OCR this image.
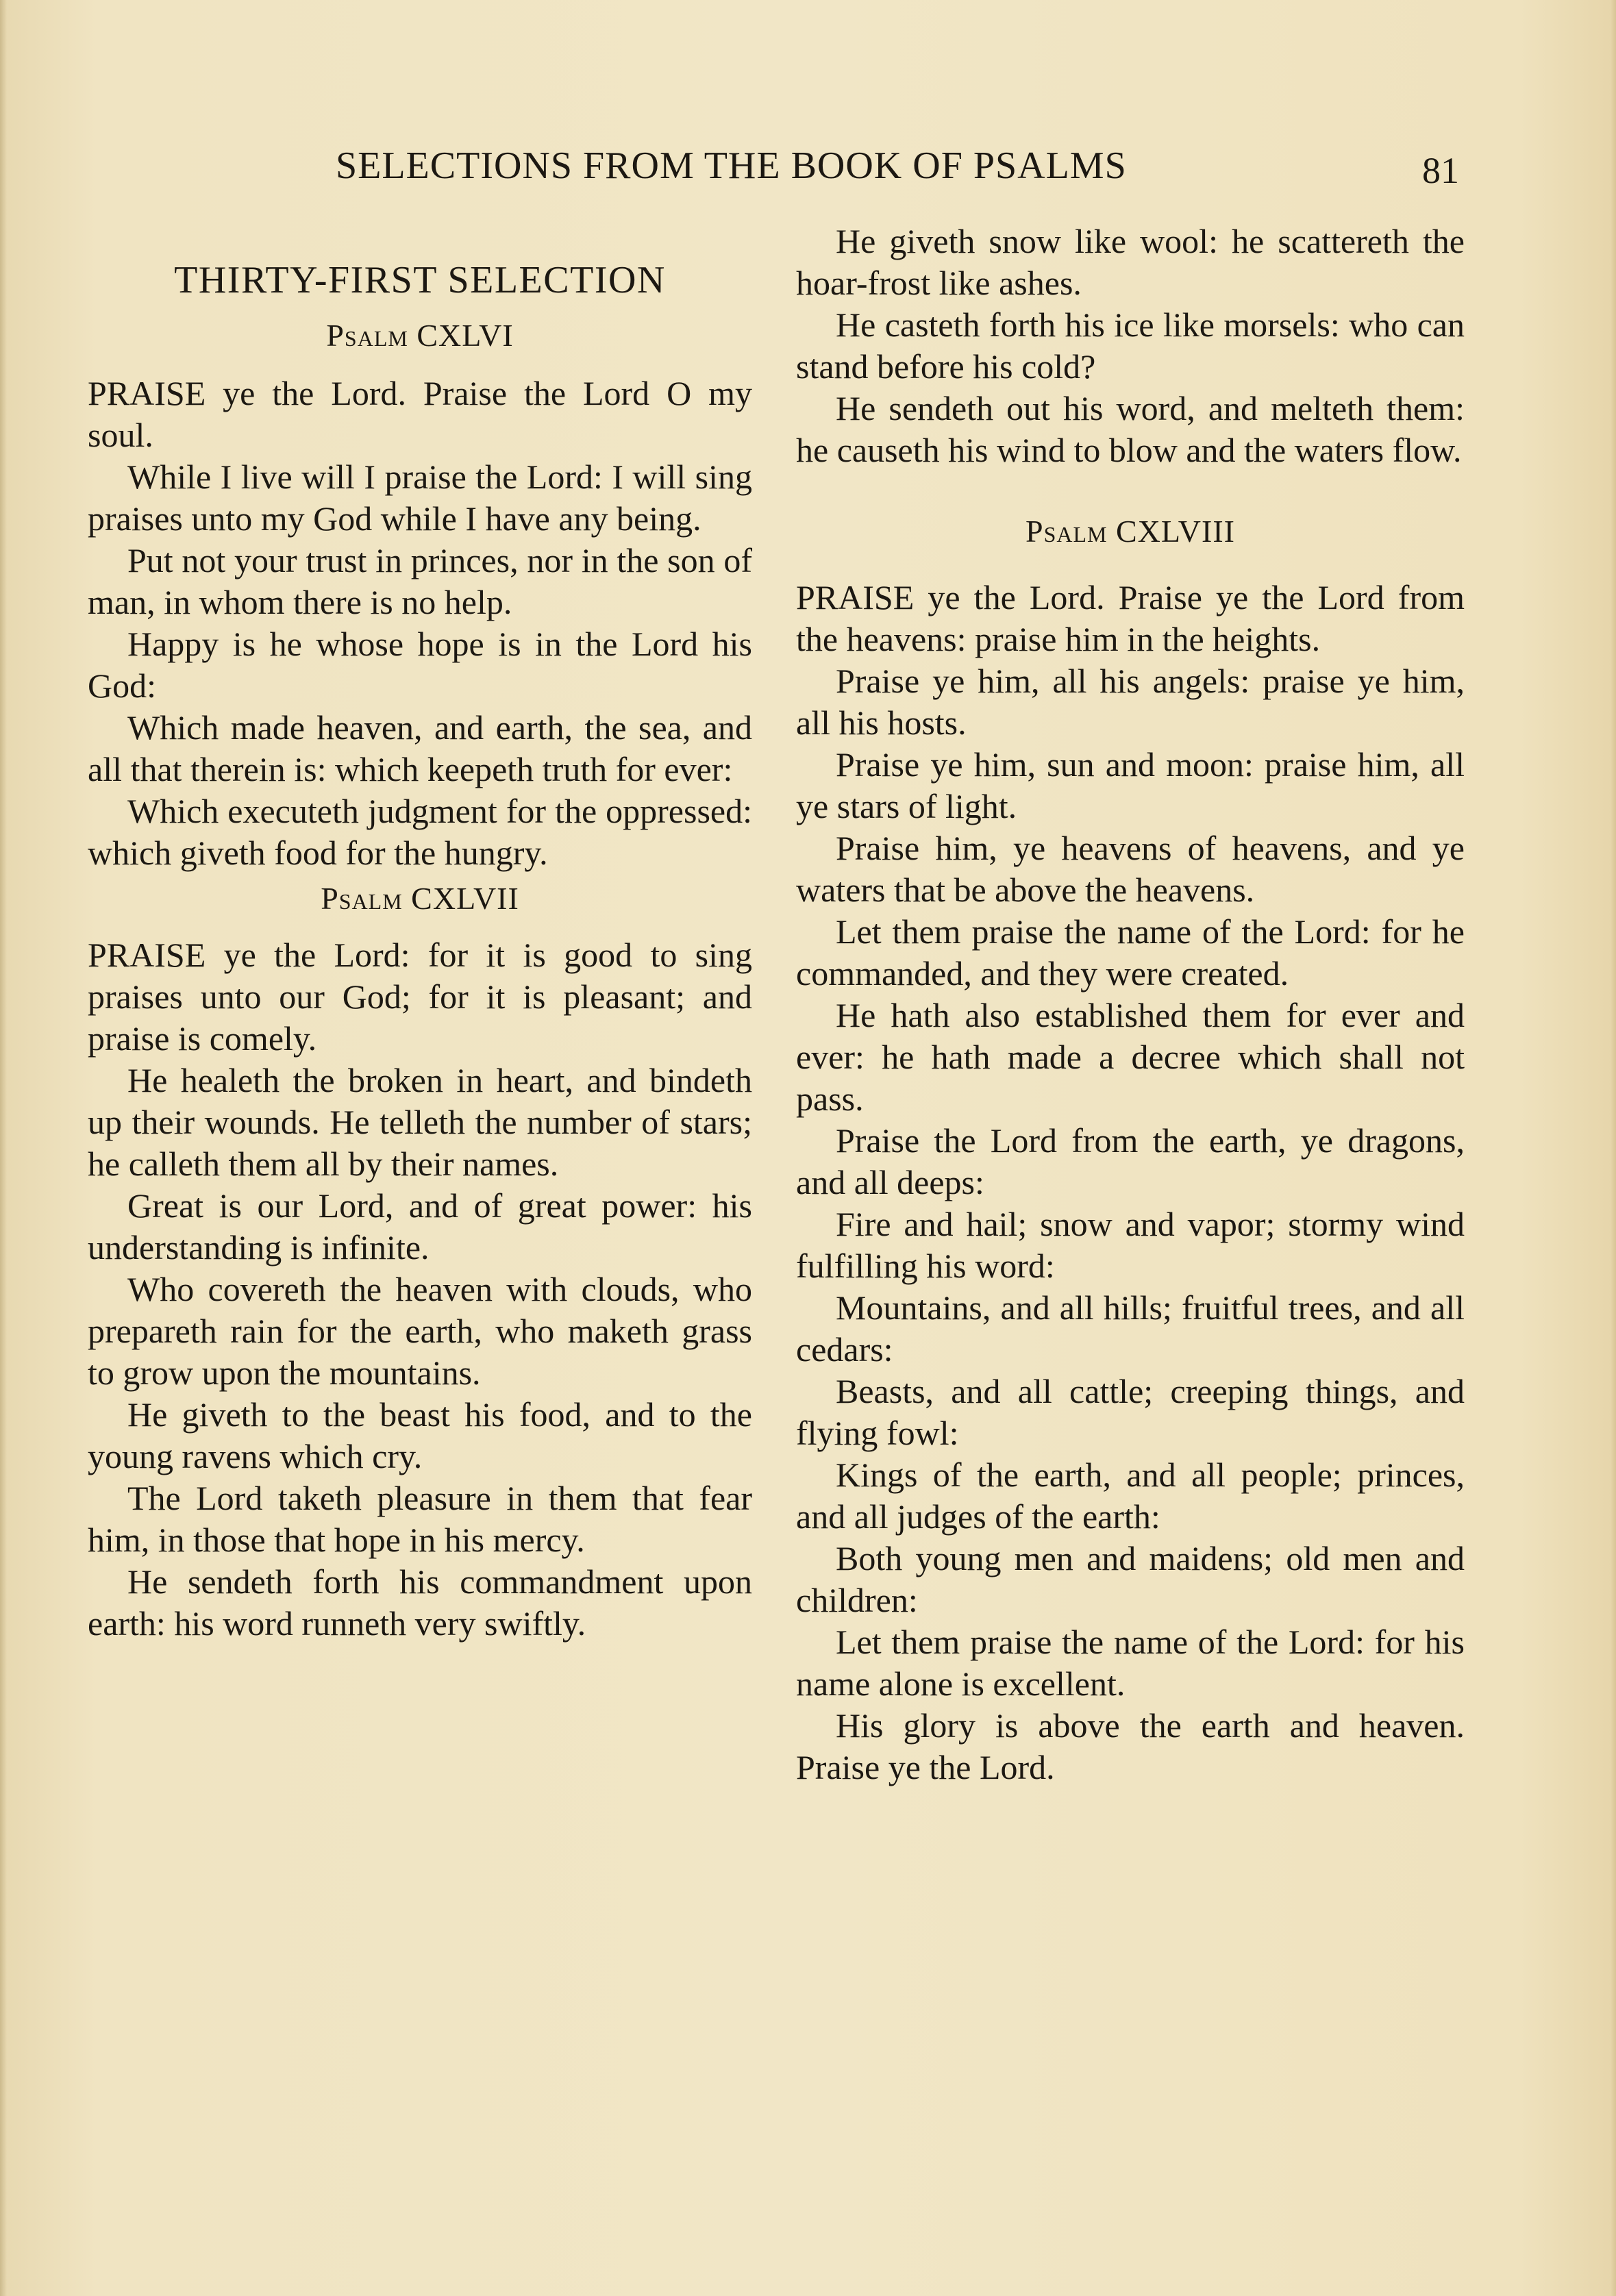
SELECTIONS FROM THE BOOK OF PSALMS	81
THIRTY-FIRST SELECTION
Psalm CXLVI

PRAISE ye the Lord. Praise the Lord O my soul.

While I live will I praise the Lord: I will sing praises unto my God while I have any being.

Put not your trust in princes, nor in the son of man, in whom there is no help.

Happy is he whose hope is in the Lord his God:

Which made heaven, and earth, the sea, and all that therein is: which keepeth truth for ever:

Which executeth judgment for the oppressed: which giveth food for the hungry.

Psalm CXLVII

PRAISE ye the Lord: for it is good to sing praises unto our God; for it is pleasant; and praise is comely.

He healeth the broken in heart, and bindeth up their wounds. He telleth the number of stars; he calleth them all by their names.

Great is our Lord, and of great power: his understanding is infinite.

Who covereth the heaven with clouds, who prepareth rain for the earth, who maketh grass to grow upon the mountains.

He giveth to the beast his food, and to the young ravens which cry.

The Lord taketh pleasure in them that fear him, in those that hope in his mercy.

He sendeth forth his commandment upon earth: his word runneth very swiftly.

He giveth snow like wool: he scattereth the hoar-frost like ashes.

He casteth forth his ice like morsels: who can stand before his cold?

He sendeth out his word, and melteth them: he causeth his wind to blow and the waters flow.

Psalm CXLVIII

PRAISE ye the Lord. Praise ye the Lord from the heavens: praise him in the heights.

Praise ye him, all his angels: praise ye him, all his hosts.

Praise ye him, sun and moon: praise him, all ye stars of light.

Praise him, ye heavens of heavens, and ye waters that be above the heavens.

Let them praise the name of the Lord: for he commanded, and they were created.

He hath also established them for ever and ever: he hath made a decree which shall not pass.

Praise the Lord from the earth, ye dragons, and all deeps:

Fire and hail; snow and vapor; stormy wind fulfilling his word:

Mountains, and all hills; fruitful trees, and all cedars:

Beasts, and all cattle; creeping things, and flying fowl:

Kings of the earth, and all people; princes, and all judges of the earth:

Both young men and maidens; old men and children:

Let them praise the name of the Lord: for his name alone is excellent.

His glory is above the earth and heaven. Praise ye the Lord.
